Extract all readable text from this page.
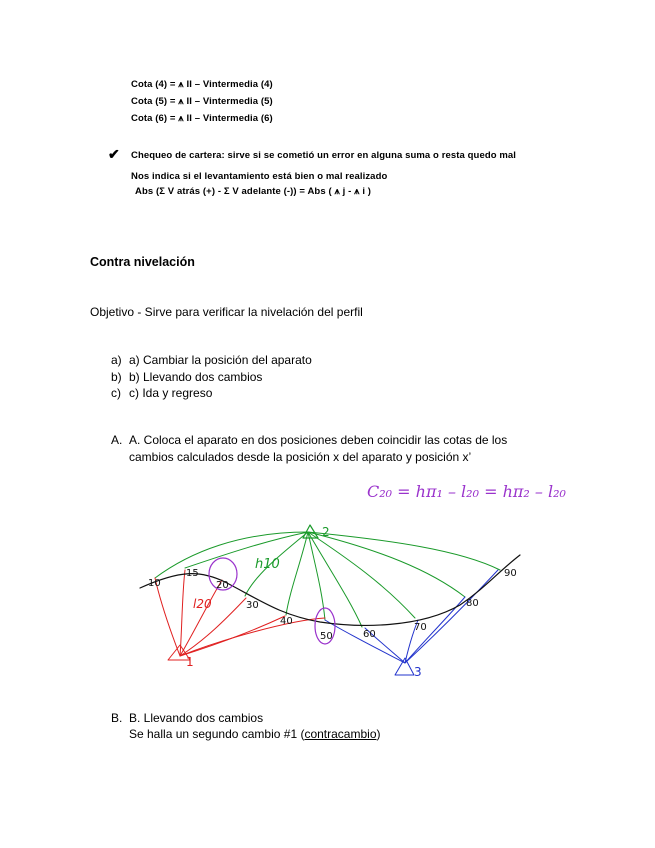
Cota (4) = ⩚ II – Vintermedia (4)
Cota (5) = ⩚ II – Vintermedia (5)
Cota (6) = ⩚ II – Vintermedia (6)
✔ Chequeo de cartera: sirve si se cometió un error en alguna suma o resta quedo mal
Nos indica si el levantamiento está bien o mal realizado
Abs (Σ V atrás (+) - Σ V adelante (-)) = Abs ( ⩚ j - ⩚ i )
Contra nivelación
Objetivo - Sirve para verificar la nivelación del perfil
a) a) Cambiar la posición del aparato
b) b) Llevando dos cambios
c) c) Ida y regreso
A. A. Coloca el aparato en dos posiciones deben coincidir las cotas de los
cambios calculados desde la posición x del aparato y posición x’
10
15
20
30
40
50	60
70
80
90
2
1
3
h10
l20
C₂₀ = hπ₁ – l₂₀ = hπ₂ – l₂₀
B. B. Llevando dos cambios
Se halla un segundo cambio #1 (contracambio)
